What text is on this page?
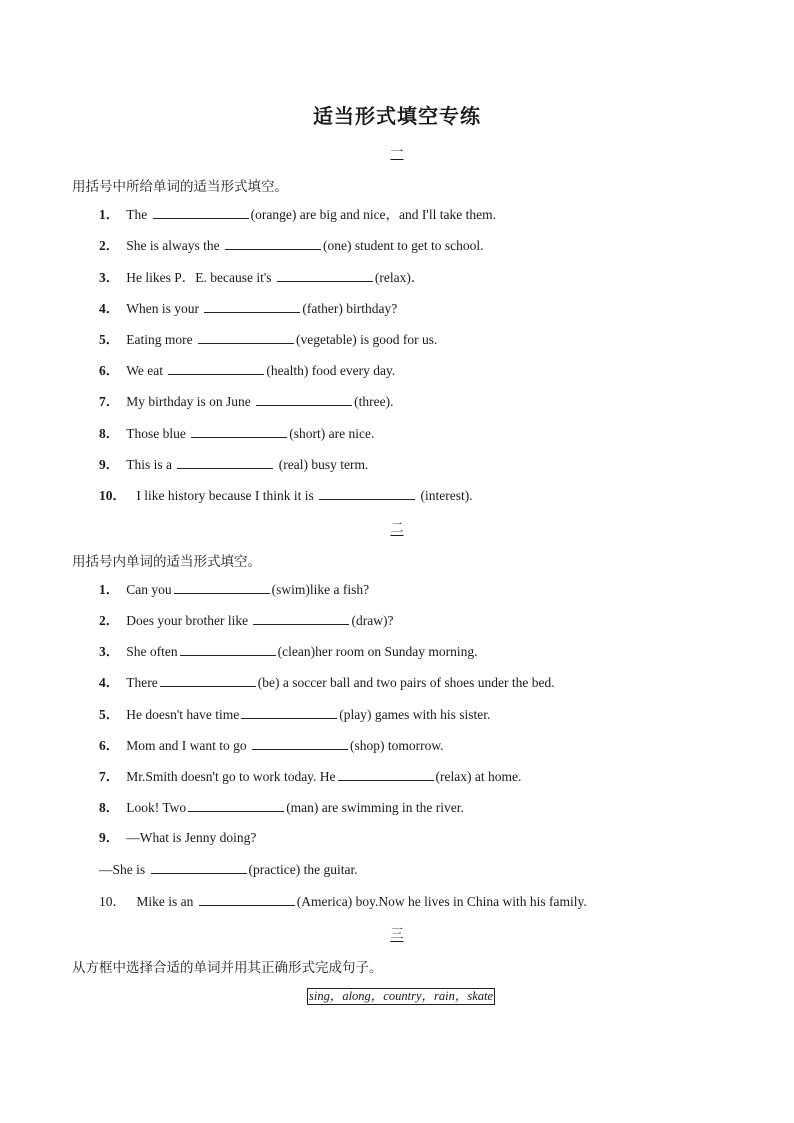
适当形式填空专练
一
用括号中所给单词的适当形式填空。
1． The	(orange) are big and nice，and I'll take them.
2． She is always the	(one) student to get to school.
3． He likes P．E. because it's	(relax)．
4． When is your	(father) birthday?
5． Eating more	(vegetable) is good for us.
6． We eat	(health) food every day.
7． My birthday is on June	(three).
8． Those blue	(short) are nice.
9． This is a	(real) busy term.
10． I like history because I think it is	(interest).
二
用括号内单词的适当形式填空。
1． Can you	(swim)like a fish?
2． Does your brother like	(draw)?
3． She often	(clean)her room on Sunday morning.
4． There	(be) a soccer ball and two pairs of shoes under the bed.
5． He doesn't have time	(play) games with his sister.
6． Mom and I want to go	(shop) tomorrow.
7． Mr.Smith doesn't go to work today. He	(relax) at home.
8． Look! Two	(man) are swimming in the river.
9． —What is Jenny doing?
—She is	(practice) the guitar.
10． Mike is an	(America) boy.Now he lives in China with his family.
三
从方框中选择合适的单词并用其正确形式完成句子。
sing，along，country，rain，skate
